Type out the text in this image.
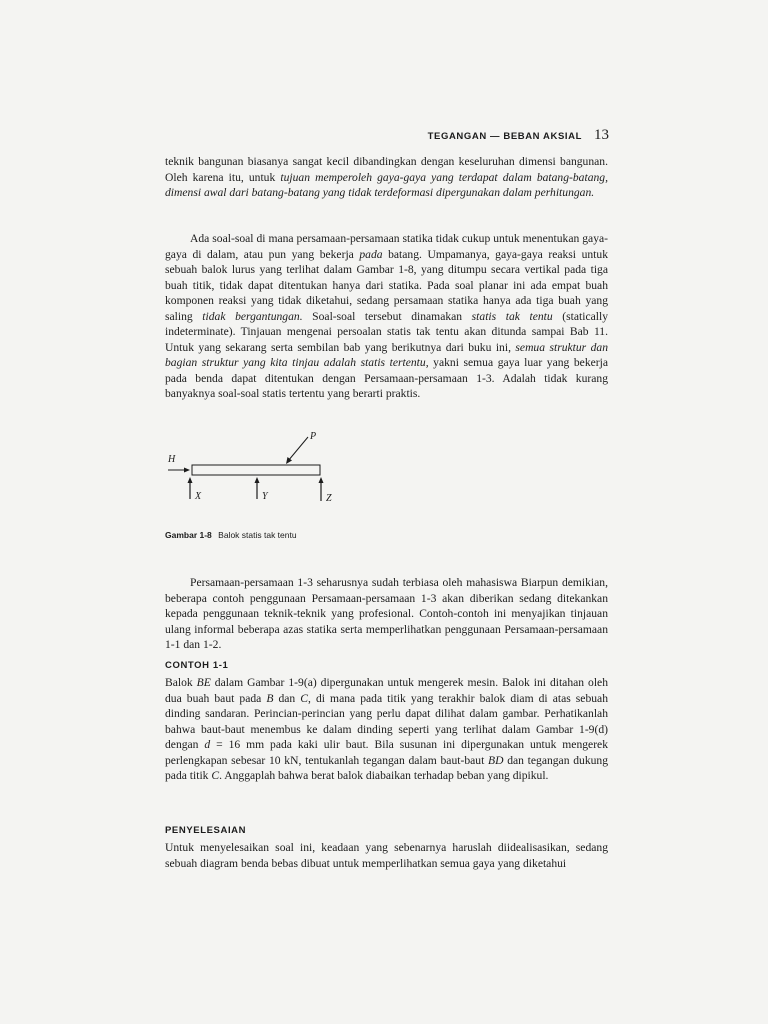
TEGANGAN — BEBAN AKSIAL 13

teknik bangunan biasanya sangat kecil dibandingkan dengan keseluruhan dimensi bangunan. Oleh karena itu, untuk tujuan memperoleh gaya-gaya yang terdapat dalam batang-batang, dimensi awal dari batang-batang yang tidak terdeformasi dipergunakan dalam perhitungan.

Ada soal-soal di mana persamaan-persamaan statika tidak cukup untuk menentukan gaya-gaya di dalam, atau pun yang bekerja pada batang. Umpamanya, gaya-gaya reaksi untuk sebuah balok lurus yang terlihat dalam Gambar 1-8, yang ditumpu secara vertikal pada tiga buah titik, tidak dapat ditentukan hanya dari statika. Pada soal planar ini ada empat buah komponen reaksi yang tidak diketahui, sedang persamaan statika hanya ada tiga buah yang saling tidak bergantungan. Soal-soal tersebut dinamakan statis tak tentu (statically indeterminate). Tinjauan mengenai persoalan statis tak tentu akan ditunda sampai Bab 11. Untuk yang sekarang serta sembilan bab yang berikutnya dari buku ini, semua struktur dan bagian struktur yang kita tinjau adalah statis tertentu, yakni semua gaya luar yang bekerja pada benda dapat ditentukan dengan Persamaan-persamaan 1-3. Adalah tidak kurang banyaknya soal-soal statis tertentu yang berarti praktis.

H
P
X	Y	Z
Gambar 1-8 Balok statis tak tentu

Persamaan-persamaan 1-3 seharusnya sudah terbiasa oleh mahasiswa Biarpun demikian, beberapa contoh penggunaan Persamaan-persamaan 1-3 akan diberikan sedang ditekankan kepada penggunaan teknik-teknik yang profesional. Contoh-contoh ini menyajikan tinjauan ulang informal beberapa azas statika serta memperlihatkan penggunaan Persamaan-persamaan 1-1 dan 1-2.

CONTOH 1-1

Balok BE dalam Gambar 1-9(a) dipergunakan untuk mengerek mesin. Balok ini ditahan oleh dua buah baut pada B dan C, di mana pada titik yang terakhir balok diam di atas sebuah dinding sandaran. Perincian-perincian yang perlu dapat dilihat dalam gambar. Perhatikanlah bahwa baut-baut menembus ke dalam dinding seperti yang terlihat dalam Gambar 1-9(d) dengan d = 16 mm pada kaki ulir baut. Bila susunan ini dipergunakan untuk mengerek perlengkapan sebesar 10 kN, tentukanlah tegangan dalam baut-baut BD dan tegangan dukung pada titik C. Anggaplah bahwa berat balok diabaikan terhadap beban yang dipikul.

PENYELESAIAN

Untuk menyelesaikan soal ini, keadaan yang sebenarnya haruslah diidealisasikan, sedang sebuah diagram benda bebas dibuat untuk memperlihatkan semua gaya yang diketahui
